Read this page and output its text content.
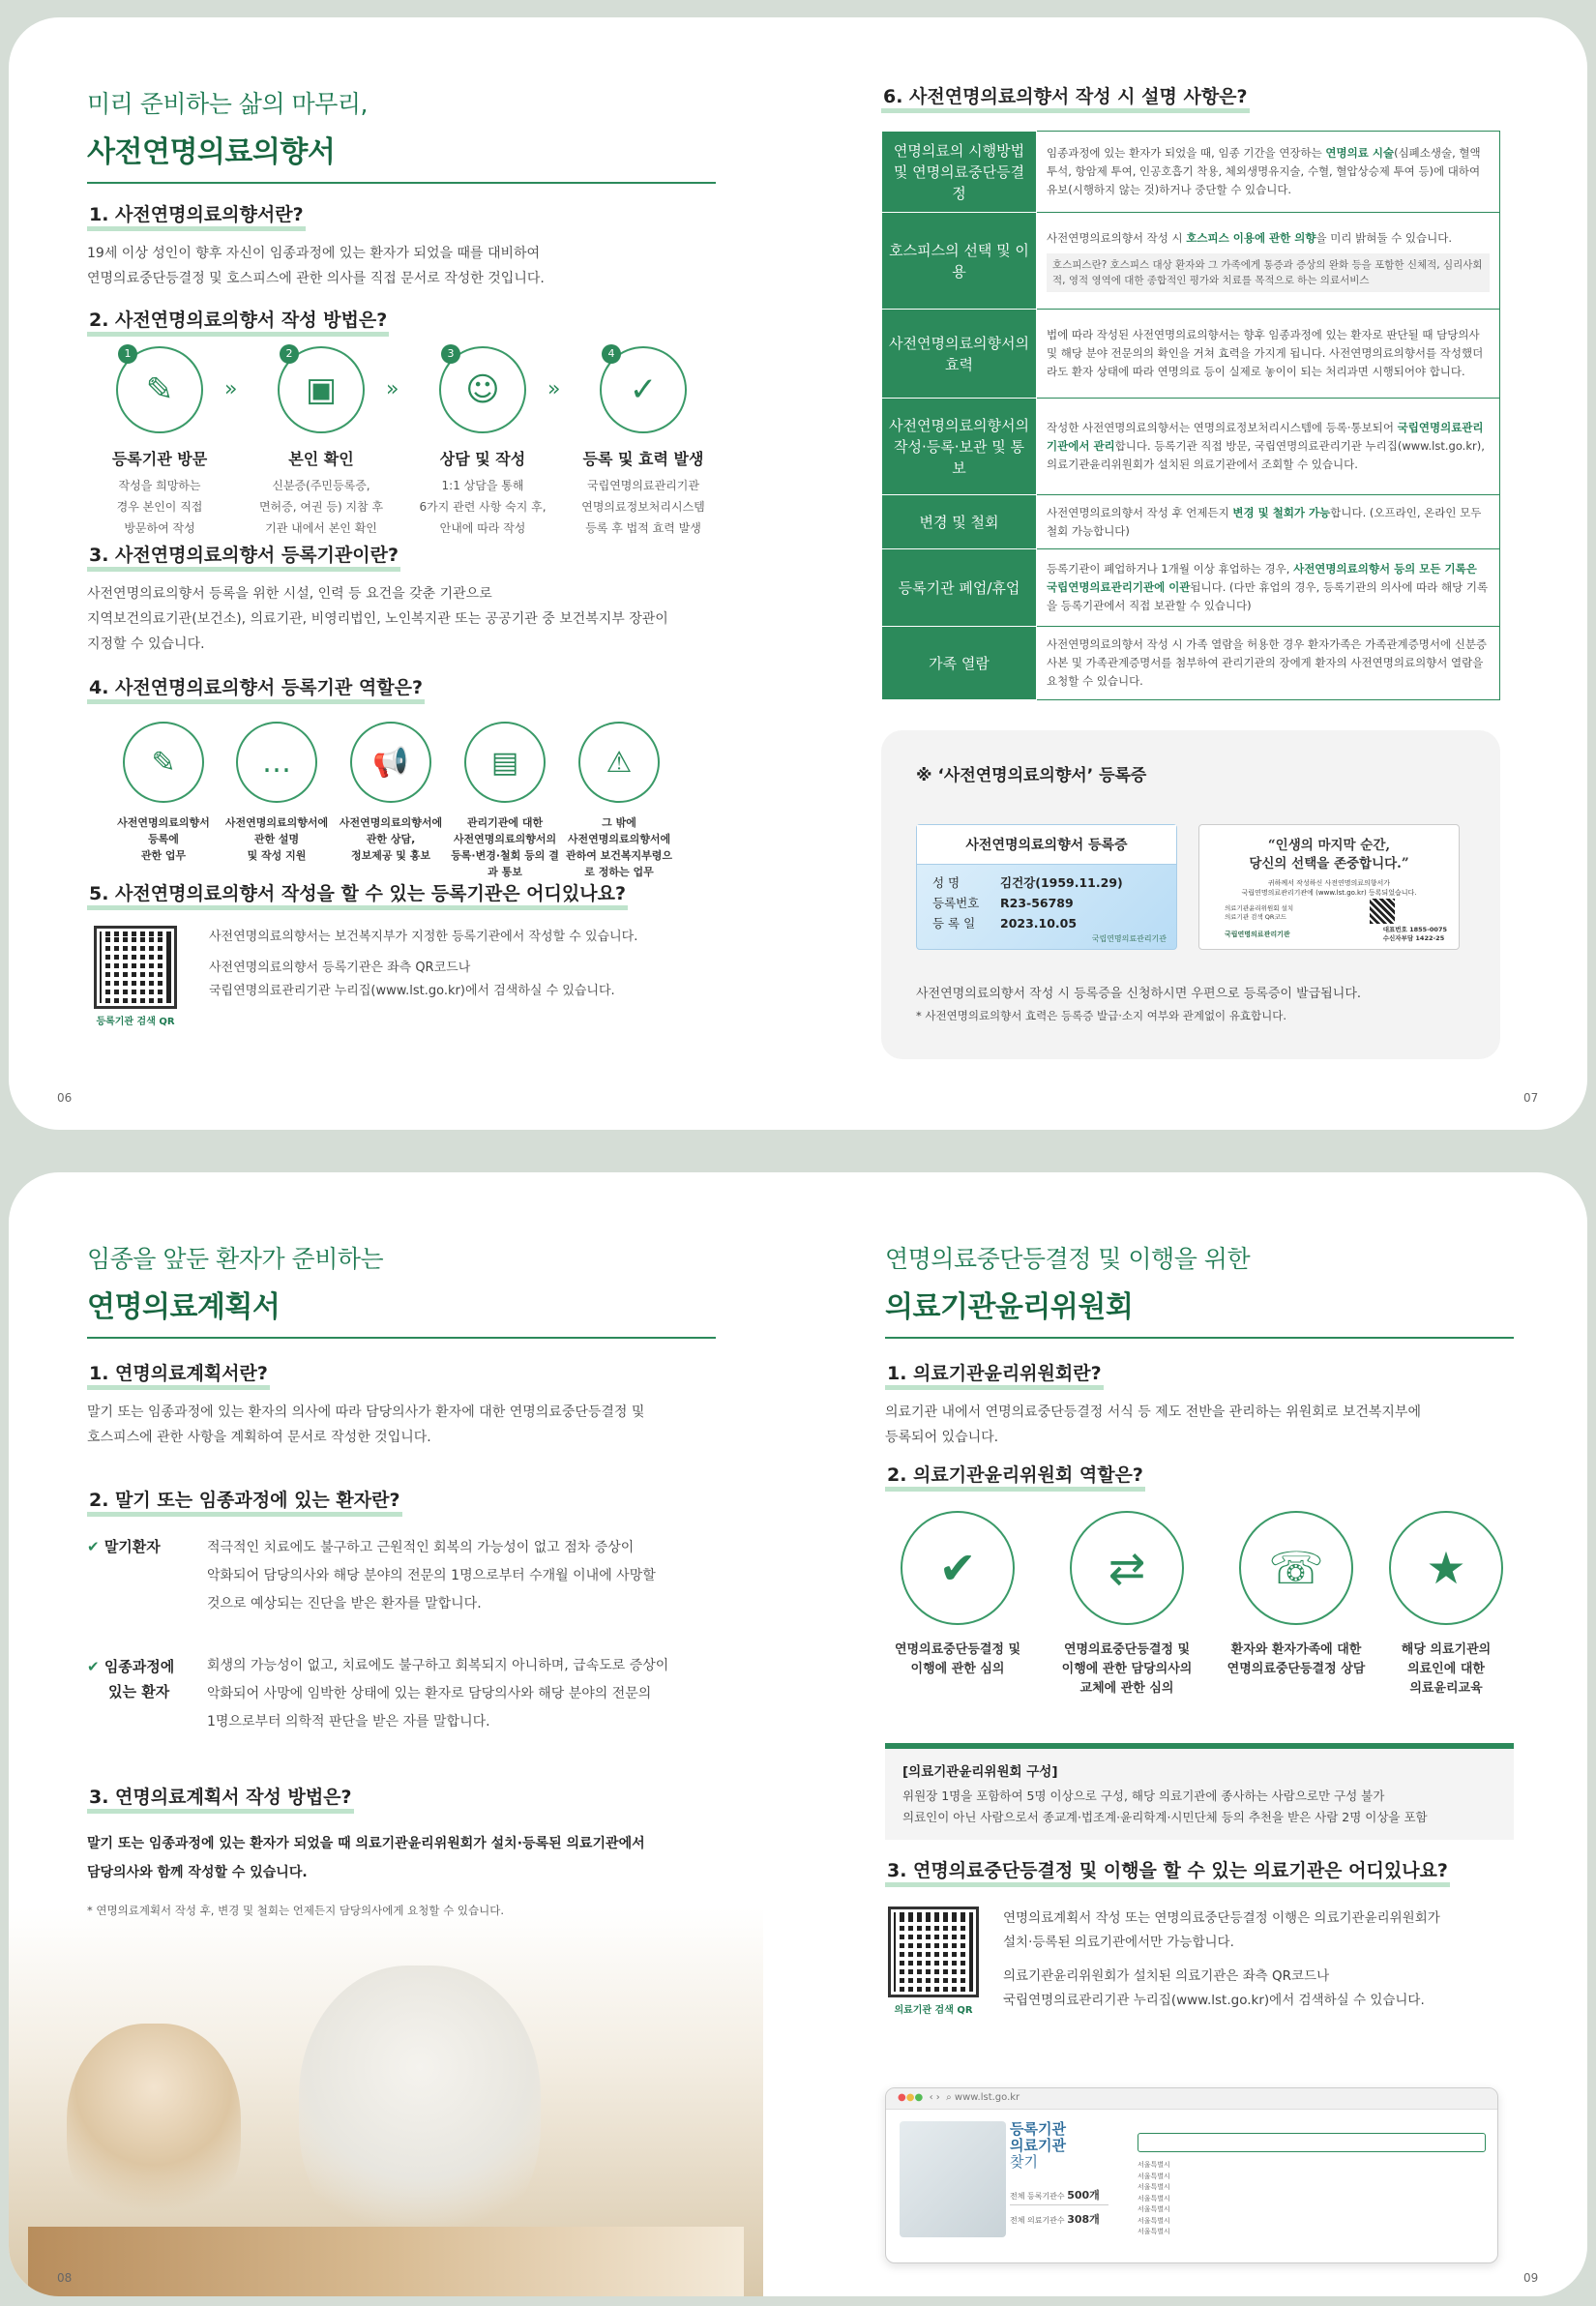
미리 준비하는 삶의 마무리,
사전연명의료의향서
1. 사전연명의료의향서란?
19세 이상 성인이 향후 자신이 임종과정에 있는 환자가 되었을 때를 대비하여
연명의료중단등결정 및 호스피스에 관한 의사를 직접 문서로 작성한 것입니다.
2. 사전연명의료의향서 작성 방법은?
1
✎
등록기관 방문
작성을 희망하는
경우 본인이 직접
방문하여 작성
»
2
▣
본인 확인
신분증(주민등록증,
면허증, 여권 등) 지참 후
기관 내에서 본인 확인
»
3
☺
상담 및 작성
1:1 상담을 통해
6가지 관련 사항 숙지 후,
안내에 따라 작성
»
4
✓
등록 및 효력 발생
국립연명의료관리기관
연명의료정보처리시스템
등록 후 법적 효력 발생
3. 사전연명의료의향서 등록기관이란?
사전연명의료의향서 등록을 위한 시설, 인력 등 요건을 갖춘 기관으로
지역보건의료기관(보건소), 의료기관, 비영리법인, 노인복지관 또는 공공기관 중 보건복지부 장관이
지정할 수 있습니다.
4. 사전연명의료의향서 등록기관 역할은?
✎
사전연명의료의향서
등록에
관한 업무
…
사전연명의료의향서에
관한 설명
및 작성 지원
📢
사전연명의료의향서에
관한 상담,
정보제공 및 홍보
▤
관리기관에 대한
사전연명의료의향서의
등록·변경·철회 등의 결과 통보
⚠
그 밖에
사전연명의료의향서에
관하여 보건복지부령으로 정하는 업무
5. 사전연명의료의향서 작성을 할 수 있는 등록기관은 어디있나요?
등록기관 검색 QR
사전연명의료의향서는 보건복지부가 지정한 등록기관에서 작성할 수 있습니다.
사전연명의료의향서 등록기관은 좌측 QR코드나
국립연명의료관리기관 누리집(www.lst.go.kr)에서 검색하실 수 있습니다.
06
6. 사전연명의료의향서 작성 시 설명 사항은?
연명의료의 시행방법 및 연명의료중단등결정	임종과정에 있는 환자가 되었을 때, 임종 기간을 연장하는 연명의료 시술(심폐소생술, 혈액 투석, 항암제 투여, 인공호흡기 착용, 체외생명유지술, 수혈, 혈압상승제 투여 등)에 대하여 유보(시행하지 않는 것)하거나 중단할 수 있습니다.
호스피스의 선택 및 이용	사전연명의료의향서 작성 시 호스피스 이용에 관한 의향을 미리 밝혀둘 수 있습니다.
호스피스란? 호스피스 대상 환자와 그 가족에게 통증과 증상의 완화 등을 포함한 신체적, 심리사회적, 영적 영역에 대한 종합적인 평가와 치료를 목적으로 하는 의료서비스

사전연명의료의향서의 효력	법에 따라 작성된 사전연명의료의향서는 향후 임종과정에 있는 환자로 판단될 때 담당의사 및 해당 분야 전문의의 확인을 거쳐 효력을 가지게 됩니다. 사전연명의료의향서를 작성했더라도 환자 상태에 따라 연명의료 등이 실제로 놓이이 되는 처리과면 시행되어야 합니다.
사전연명의료의향서의 작성·등록·보관 및 통보	작성한 사전연명의료의향서는 연명의료정보처리시스템에 등록·통보되어 국립연명의료관리기관에서 관리합니다. 등록기관 직접 방문, 국립연명의료관리기관 누리집(www.lst.go.kr), 의료기관윤리위원회가 설치된 의료기관에서 조회할 수 있습니다.
변경 및 철회	사전연명의료의향서 작성 후 언제든지 변경 및 철회가 가능합니다. (오프라인, 온라인 모두 철회 가능합니다)
등록기관 폐업/휴업	등록기관이 폐업하거나 1개월 이상 휴업하는 경우, 사전연명의료의향서 등의 모든 기록은 국립연명의료관리기관에 이관됩니다. (다만 휴업의 경우, 등록기관의 의사에 따라 해당 기록을 등록기관에서 직접 보관할 수 있습니다)
가족 열람	사전연명의료의향서 작성 시 가족 열람을 허용한 경우 환자가족은 가족관계증명서에 신분증 사본 및 가족관계증명서를 첨부하여 관리기관의 장에게 환자의 사전연명의료의향서 열람을 요청할 수 있습니다.
※ ‘사전연명의료의향서’ 등록증
사전연명의료의향서 등록증
성 명	김건강(1959.11.29)
등록번호 R23-56789
등 록 일 2023.10.05
국립연명의료관리기관
“인생의 마지막 순간,
당신의 선택을 존중합니다.”
귀하께서 작성하신 사전연명의료의향서가
국립연명의료관리기관에 (www.lst.go.kr) 등록되었습니다.
의료기관윤리위원회 설치
의료기관 검색 QR코드
국립연명의료관리기관
대표번호 1855-0075
수신자부담 1422-25
사전연명의료의향서 작성 시 등록증을 신청하시면 우편으로 등록증이 발급됩니다.
* 사전연명의료의향서 효력은 등록증 발급·소지 여부와 관계없이 유효합니다.
07
임종을 앞둔 환자가 준비하는
연명의료계획서
1. 연명의료계획서란?
말기 또는 임종과정에 있는 환자의 의사에 따라 담당의사가 환자에 대한 연명의료중단등결정 및
호스피스에 관한 사항을 계획하여 문서로 작성한 것입니다.
2. 말기 또는 임종과정에 있는 환자란?
✔ 말기환자	적극적인 치료에도 불구하고 근원적인 회복의 가능성이 없고 점차 증상이
악화되어 담당의사와 해당 분야의 전문의 1명으로부터 수개월 이내에 사망할
것으로 예상되는 진단을 받은 환자를 말합니다.
✔ 임종과정에
있는 환자
회생의 가능성이 없고, 치료에도 불구하고 회복되지 아니하며, 급속도로 증상이
악화되어 사망에 임박한 상태에 있는 환자로 담당의사와 해당 분야의 전문의
1명으로부터 의학적 판단을 받은 자를 말합니다.
3. 연명의료계획서 작성 방법은?
말기 또는 임종과정에 있는 환자가 되었을 때 의료기관윤리위원회가 설치·등록된 의료기관에서
담당의사와 함께 작성할 수 있습니다.
* 연명의료계획서 작성 후, 변경 및 철회는 언제든지 담당의사에게 요청할 수 있습니다.
08
연명의료중단등결정 및 이행을 위한
의료기관윤리위원회
1. 의료기관윤리위원회란?
의료기관 내에서 연명의료중단등결정 서식 등 제도 전반을 관리하는 위원회로 보건복지부에
등록되어 있습니다.
2. 의료기관윤리위원회 역할은?
✔
연명의료중단등결정 및
이행에 관한 심의
⇄
연명의료중단등결정 및
이행에 관한 담당의사의
교체에 관한 심의
☏
환자와 환자가족에 대한
연명의료중단등결정 상담
★
해당 의료기관의
의료인에 대한
의료윤리교육
[의료기관윤리위원회 구성]
위원장 1명을 포함하여 5명 이상으로 구성, 해당 의료기관에 종사하는 사람으로만 구성 불가
의료인이 아닌 사람으로서 종교계·법조계·윤리학계·시민단체 등의 추천을 받은 사람 2명 이상을 포함
3. 연명의료중단등결정 및 이행을 할 수 있는 의료기관은 어디있나요?
의료기관 검색 QR
연명의료계획서 작성 또는 연명의료중단등결정 이행은 의료기관윤리위원회가
설치·등록된 의료기관에서만 가능합니다.
의료기관윤리위원회가 설치된 의료기관은 좌측 QR코드나
국립연명의료관리기관 누리집(www.lst.go.kr)에서 검색하실 수 있습니다.
●●● ‹ › ⌕ www.lst.go.kr
등록기관
의료기관
찾기
전체 등록기관수 500개
전체 의료기관수 308개
서울특별시
서울특별시
서울특별시
서울특별시
서울특별시
서울특별시
서울특별시
09
